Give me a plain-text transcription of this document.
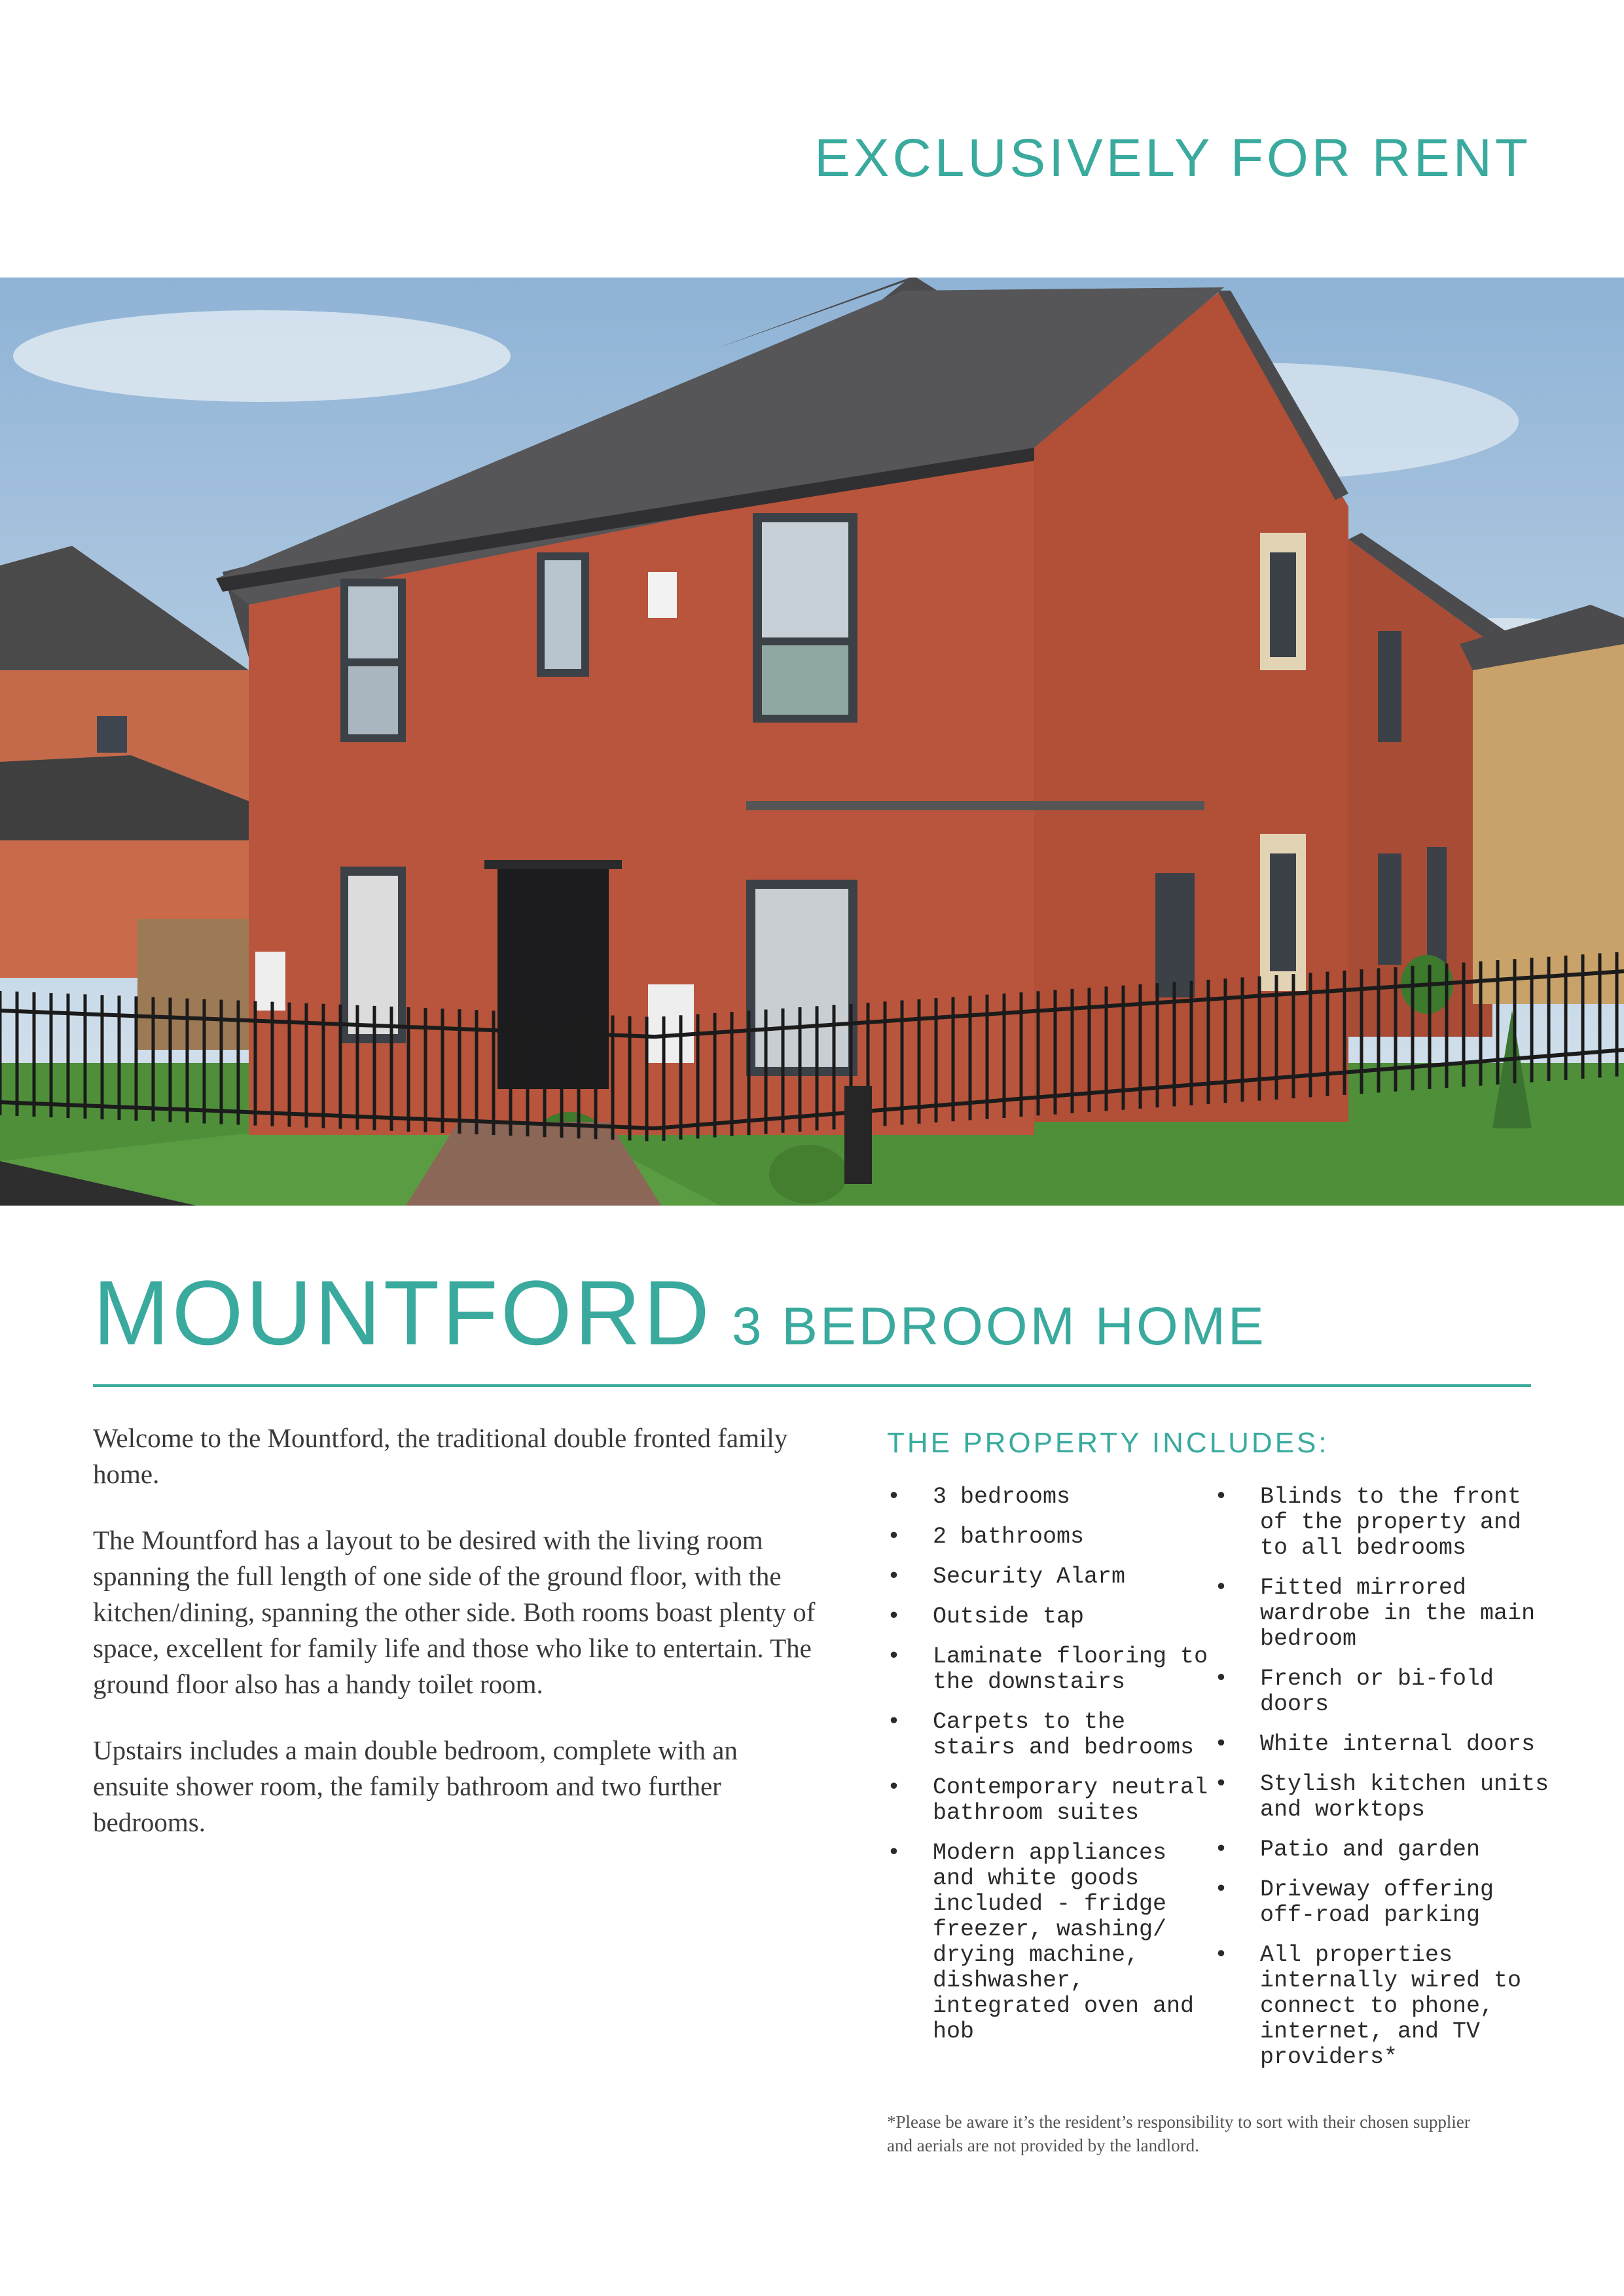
EXCLUSIVELY FOR RENT
MOUNTFORD 3 BEDROOM HOME

Welcome to the Mountford, the traditional double fronted family home.

The Mountford has a layout to be desired with the living room spanning the full length of one side of the ground floor, with the kitchen/dining, spanning the other side. Both rooms boast plenty of space, excellent for family life and those who like to entertain. The ground floor also has a handy toilet room.

Upstairs includes a main double bedroom, complete with an ensuite shower room, the family bathroom and two further bedrooms.

THE PROPERTY INCLUDES:
• 3 bedrooms
• 2 bathrooms
• Security Alarm
• Outside tap
• Laminate flooring to the downstairs
• Carpets to the stairs and bedrooms
• Contemporary neutral bathroom suites
• Modern appliances and white goods included - fridge freezer, washing/ drying machine, dishwasher, integrated oven and hob
• Blinds to the front of the property and to all bedrooms
• Fitted mirrored wardrobe in the main bedroom
• French or bi-fold doors
• White internal doors
• Stylish kitchen units and worktops
• Patio and garden
• Driveway offering off-road parking
• All properties internally wired to connect to phone, internet, and TV providers*
*Please be aware it’s the resident’s responsibility to sort with their chosen supplier and aerials are not provided by the landlord.
